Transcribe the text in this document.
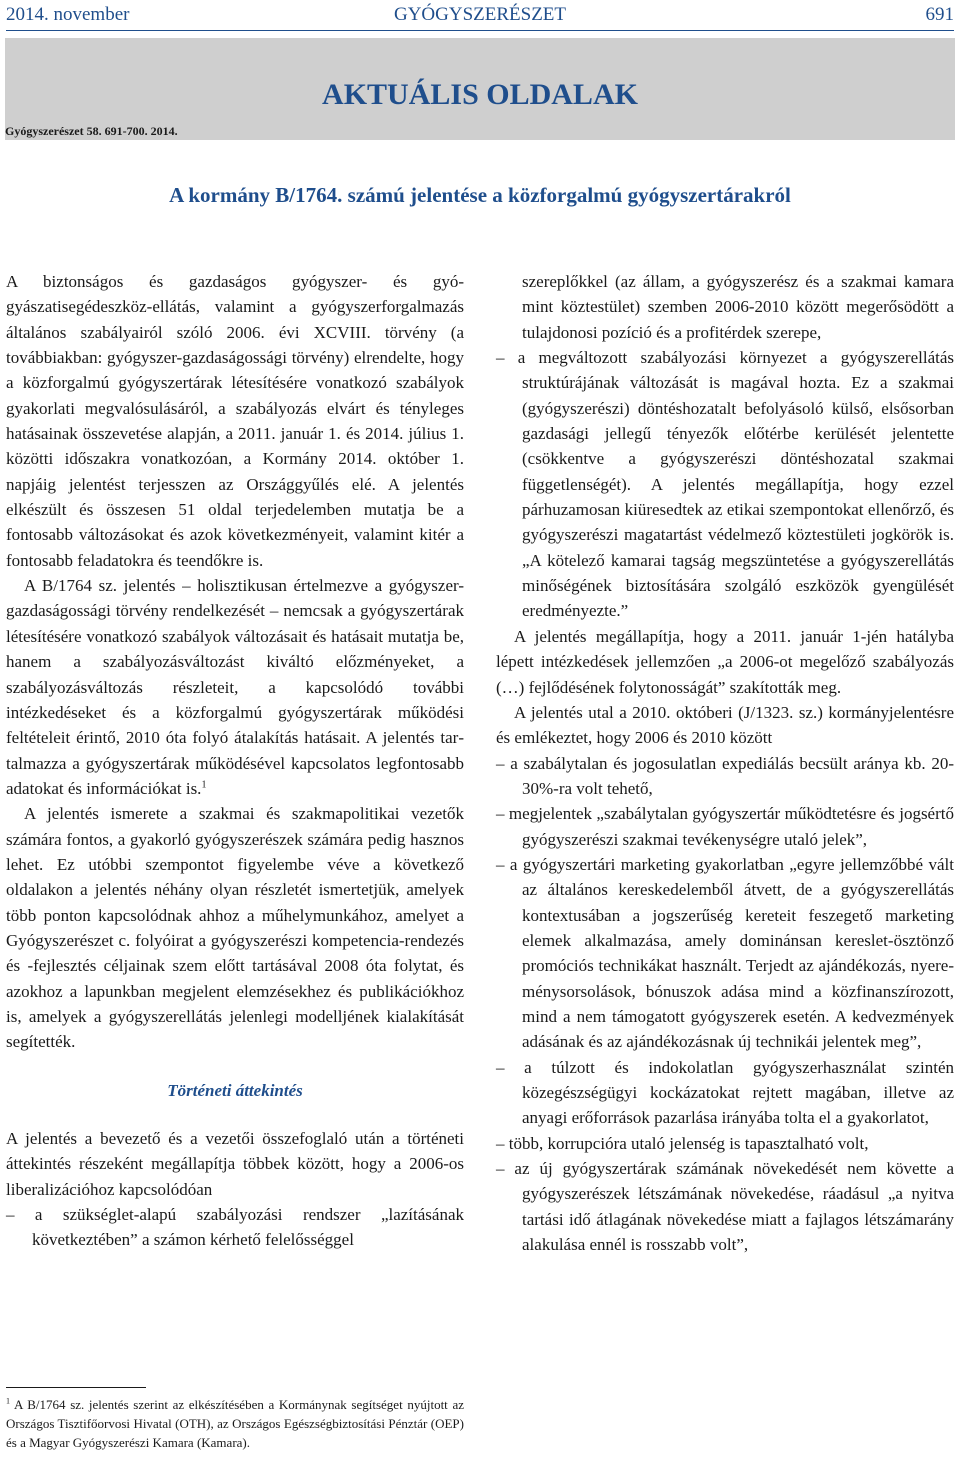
2014. november	GYÓGYSZERÉSZET	691
AKTUÁLIS OLDALAK
Gyógyszerészet 58. 691-700. 2014.
A kormány B/1764. számú jelentése a közforgalmú gyógyszertárakról

A biztonságos és gazdaságos gyógyszer- és gyógyászatisegédeszköz-ellátás, valamint a gyógyszerforgalmazás általános szabályairól szóló 2006. évi XCVIII. törvény (a továbbiakban: gyógyszer-gazdaságossági törvény) elrendelte, hogy a közforgalmú gyógyszertárak létesítésére vonatkozó szabályok gyakorlati megvalósulásáról, a szabályozás elvárt és tényleges hatásainak összevetése alapján, a 2011. január 1. és 2014. július 1. közötti időszakra vonatkozóan, a Kormány 2014. október 1. napjáig jelentést terjesszen az Országgyűlés elé. A jelentés elkészült és összesen 51 oldal terjedelemben mutatja be a fontosabb változásokat és azok következményeit, valamint kitér a fontosabb feladatokra és teendőkre is.

A B/1764 sz. jelentés – holisztikusan értelmezve a gyógyszer-gazdaságossági törvény rendelkezését – nemcsak a gyógyszertárak létesítésére vonatkozó szabályok változásait és hatásait mutatja be, hanem a szabályozásváltozást kiváltó előzményeket, a szabályozásváltozás részleteit, a kapcsolódó további intézkedéseket és a közforgalmú gyógyszertárak működési feltételeit érintő, 2010 óta folyó átalakítás hatásait. A jelentés tartalmazza a gyógyszertárak működésével kapcsolatos legfontosabb adatokat és információkat is.$^1$

A jelentés ismerete a szakmai és szakmapolitikai vezetők számára fontos, a gyakorló gyógyszerészek számára pedig hasznos lehet. Ez utóbbi szempontot figyelembe véve a következő oldalakon a jelentés néhány olyan részletét ismertetjük, amelyek több ponton kapcsolódnak ahhoz a műhelymunkához, amelyet a Gyógyszerészet c. folyóirat a gyógyszerészi kompetencia-rendezés és -fejlesztés céljainak szem előtt tartásával 2008 óta folytat, és azokhoz a lapunkban megjelent elemzésekhez és publikációkhoz is, amelyek a gyógyszerellátás jelenlegi modelljének kialakítását segítették.

Történeti áttekintés

A jelentés a bevezető és a vezetői összefoglaló után a történeti áttekintés részeként megállapítja többek között, hogy a 2006-os liberalizációhoz kapcsolódóan

– a szükséglet-alapú szabályozási rendszer „lazításának következtében” a számon kérhető felelősséggel

$^1$ A B/1764 sz. jelentés szerint az elkészítésében a Kormánynak segítséget nyújtott az Országos Tisztifőorvosi Hivatal (OTH), az Országos Egészségbiztosítási Pénztár (OEP) és a Magyar Gyógyszerészi Kamara (Kamara).

szereplőkkel (az állam, a gyógyszerész és a szakmai kamara mint köztestület) szemben 2006-2010 között megerősödött a tulajdonosi pozíció és a profitérdek szerepe,

– a megváltozott szabályozási környezet a gyógyszerellátás struktúrájának változását is magával hozta. Ez a szakmai (gyógyszerészi) döntéshozatalt befolyásoló külső, elsősorban gazdasági jellegű tényezők előtérbe kerülését jelentette (csökkentve a gyógyszerészi döntéshozatal szakmai függetlenségét). A jelentés megállapítja, hogy ezzel párhuzamosan kiüresedtek az etikai szempontokat ellenőrző, és gyógyszerészi magatartást védelmező köztestületi jogkörök is. „A kötelező kamarai tagság megszüntetése a gyógyszerellátás minőségének biztosítására szolgáló eszközök gyengülését eredményezte.”

A jelentés megállapítja, hogy a 2011. január 1-jén hatályba lépett intézkedések jellemzően „a 2006-ot megelőző szabályozás (…) fejlődésének folytonosságát” szakították meg.

A jelentés utal a 2010. októberi (J/1323. sz.) kormányjelentésre és emlékeztet, hogy 2006 és 2010 között

– a szabálytalan és jogosulatlan expediálás becsült aránya kb. 20-30%-ra volt tehető,

– megjelentek „szabálytalan gyógyszertár működtetésre és jogsértő gyógyszerészi szakmai tevékenységre utaló jelek”,

– a gyógyszertári marketing gyakorlatban „egyre jellemzőbbé vált az általános kereskedelemből átvett, de a gyógyszerellátás kontextusában a jogszerűség kereteit feszegető marketing elemek alkalmazása, amely dominánsan kereslet-ösztönző promóciós technikákat használt. Terjedt az ajándékozás, nyereménysorsolások, bónuszok adása mind a közfinanszírozott, mind a nem támogatott gyógyszerek esetén. A kedvezmények adásának és az ajándékozásnak új technikái jelentek meg”,

– a túlzott és indokolatlan gyógyszerhasználat szintén közegészségügyi kockázatokat rejtett magában, illetve az anyagi erőforrások pazarlása irányába tolta el a gyakorlatot,

– több, korrupcióra utaló jelenség is tapasztalható volt,

– az új gyógyszertárak számának növekedését nem követte a gyógyszerészek létszámának növekedése, ráadásul „a nyitva tartási idő átlagának növekedése miatt a fajlagos létszámarány alakulása ennél is rosszabb volt”,
